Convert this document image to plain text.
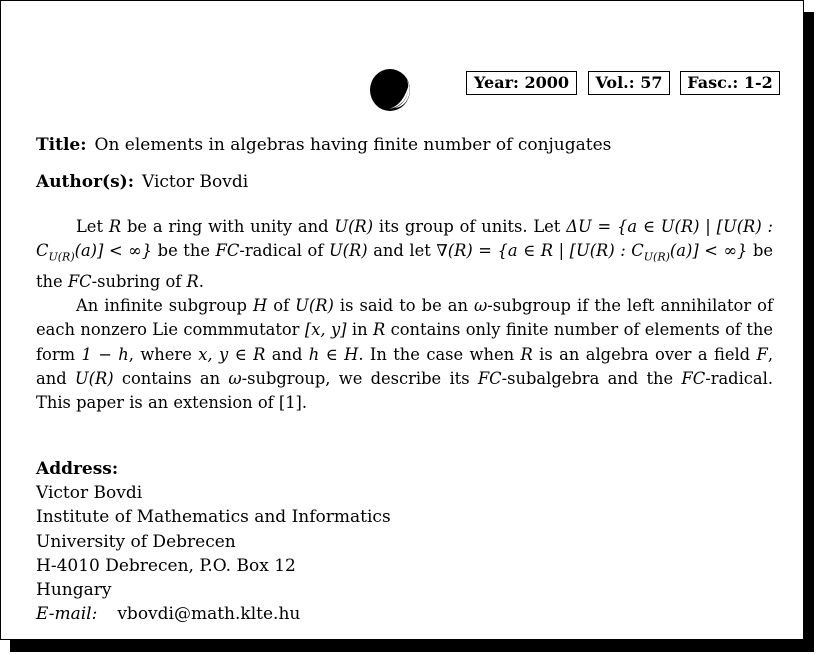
Year: 2000	Vol.: 57	Fasc.: 1-2
Title: On elements in algebras having finite number of conjugates
Author(s): Victor Bovdi

Let R be a ring with unity and U(R) its group of units. Let ΔU = {a ∈ U(R) | [U(R) : $C_{U(R)}(a)$] < ∞} be the FC-radical of U(R) and let ∇(R) = {a ∈ R | [U(R) : $C_{U(R)}(a)$] < ∞} be the FC-subring of R.

An infinite subgroup H of U(R) is said to be an ω-subgroup if the left annihilator of each nonzero Lie commmutator [x, y] in R contains only finite number of elements of the form 1 − h, where x, y ∈ R and h ∈ H. In the case when R is an algebra over a field F, and U(R) contains an ω-subgroup, we describe its FC-subalgebra and the FC-radical. This paper is an extension of [1].

Address:
Victor Bovdi
Institute of Mathematics and Informatics
University of Debrecen
H-4010 Debrecen, P.O. Box 12
Hungary
E-mail: vbovdi@math.klte.hu
